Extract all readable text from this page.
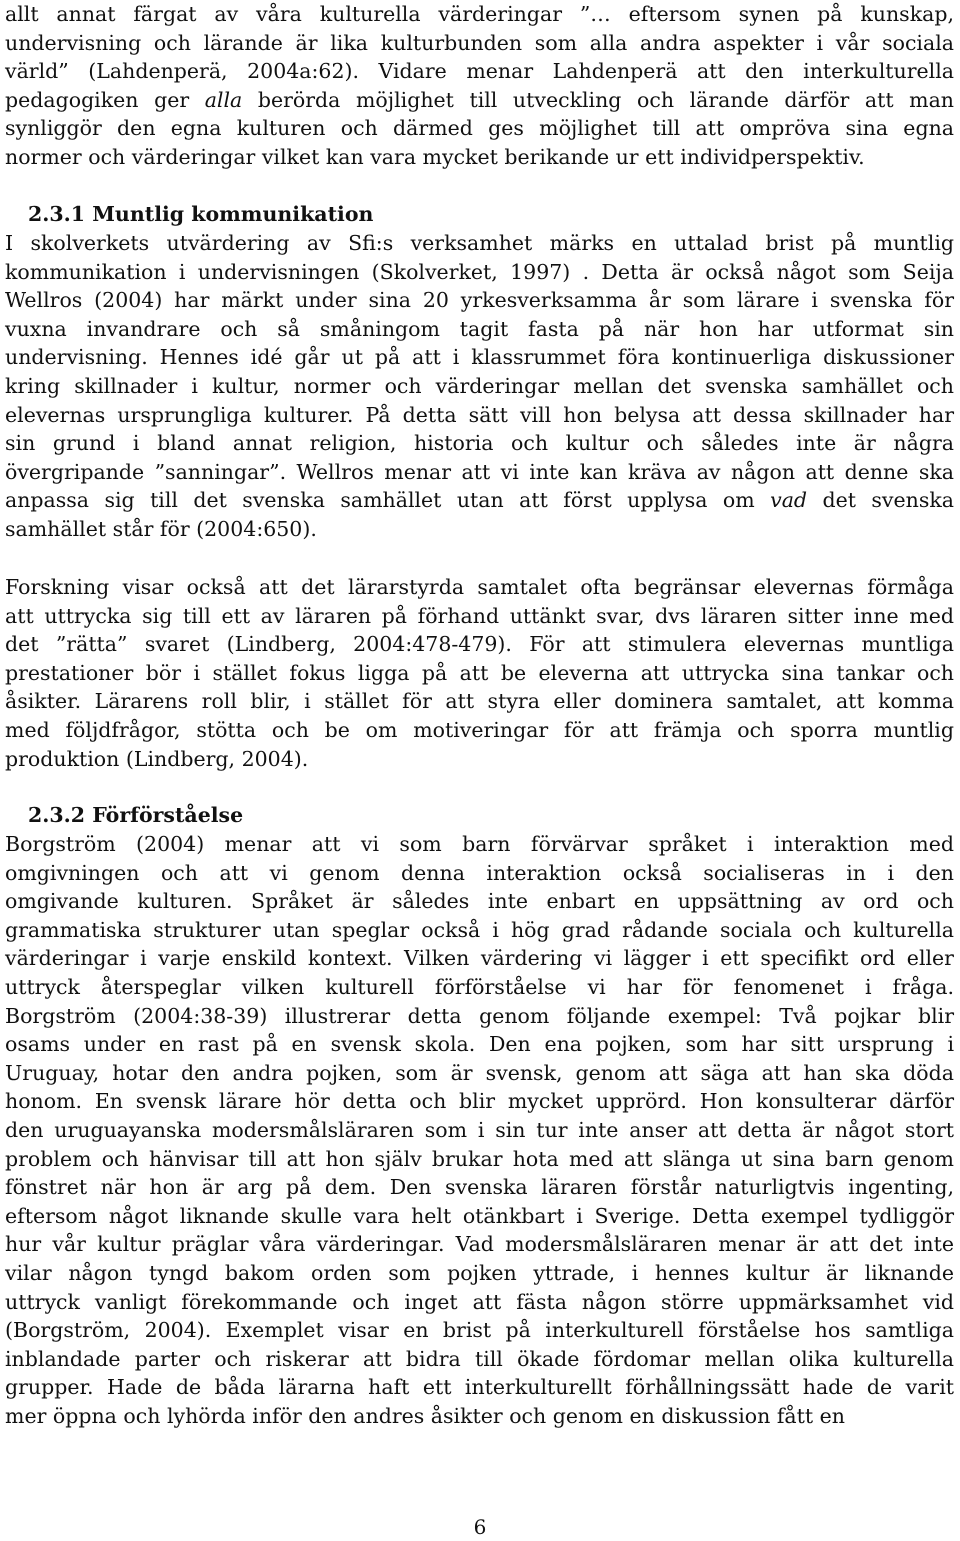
allt annat färgat av våra kulturella värderingar ”… eftersom synen på kunskap,
undervisning och lärande är lika kulturbunden som alla andra aspekter i vår sociala
värld” (Lahdenperä, 2004a:62). Vidare menar Lahdenperä att den interkulturella
pedagogiken ger alla berörda möjlighet till utveckling och lärande därför att man
synliggör den egna kulturen och därmed ges möjlighet till att ompröva sina egna
normer och värderingar vilket kan vara mycket berikande ur ett individperspektiv.
2.3.1 Muntlig kommunikation
I skolverkets utvärdering av Sfi:s verksamhet märks en uttalad brist på muntlig
kommunikation i undervisningen (Skolverket, 1997) . Detta är också något som Seija
Wellros (2004) har märkt under sina 20 yrkesverksamma år som lärare i svenska för
vuxna invandrare och så småningom tagit fasta på när hon har utformat sin
undervisning. Hennes idé går ut på att i klassrummet föra kontinuerliga diskussioner
kring skillnader i kultur, normer och värderingar mellan det svenska samhället och
elevernas ursprungliga kulturer. På detta sätt vill hon belysa att dessa skillnader har
sin grund i bland annat religion, historia och kultur och således inte är några
övergripande ”sanningar”. Wellros menar att vi inte kan kräva av någon att denne ska
anpassa sig till det svenska samhället utan att först upplysa om vad det svenska
samhället står för (2004:650).
Forskning visar också att det lärarstyrda samtalet ofta begränsar elevernas förmåga
att uttrycka sig till ett av läraren på förhand uttänkt svar, dvs läraren sitter inne med
det ”rätta” svaret (Lindberg, 2004:478-479). För att stimulera elevernas muntliga
prestationer bör i stället fokus ligga på att be eleverna att uttrycka sina tankar och
åsikter. Lärarens roll blir, i stället för att styra eller dominera samtalet, att komma
med följdfrågor, stötta och be om motiveringar för att främja och sporra muntlig
produktion (Lindberg, 2004).
2.3.2 Förförståelse
Borgström (2004) menar att vi som barn förvärvar språket i interaktion med
omgivningen och att vi genom denna interaktion också socialiseras in i den
omgivande kulturen. Språket är således inte enbart en uppsättning av ord och
grammatiska strukturer utan speglar också i hög grad rådande sociala och kulturella
värderingar i varje enskild kontext. Vilken värdering vi lägger i ett specifikt ord eller
uttryck återspeglar vilken kulturell förförståelse vi har för fenomenet i fråga.
Borgström (2004:38-39) illustrerar detta genom följande exempel: Två pojkar blir
osams under en rast på en svensk skola. Den ena pojken, som har sitt ursprung i
Uruguay, hotar den andra pojken, som är svensk, genom att säga att han ska döda
honom. En svensk lärare hör detta och blir mycket upprörd. Hon konsulterar därför
den uruguayanska modersmålsläraren som i sin tur inte anser att detta är något stort
problem och hänvisar till att hon själv brukar hota med att slänga ut sina barn genom
fönstret när hon är arg på dem. Den svenska läraren förstår naturligtvis ingenting,
eftersom något liknande skulle vara helt otänkbart i Sverige. Detta exempel tydliggör
hur vår kultur präglar våra värderingar. Vad modersmålsläraren menar är att det inte
vilar någon tyngd bakom orden som pojken yttrade, i hennes kultur är liknande
uttryck vanligt förekommande och inget att fästa någon större uppmärksamhet vid
(Borgström, 2004). Exemplet visar en brist på interkulturell förståelse hos samtliga
inblandade parter och riskerar att bidra till ökade fördomar mellan olika kulturella
grupper. Hade de båda lärarna haft ett interkulturellt förhållningssätt hade de varit
mer öppna och lyhörda inför den andres åsikter och genom en diskussion fått en
6
